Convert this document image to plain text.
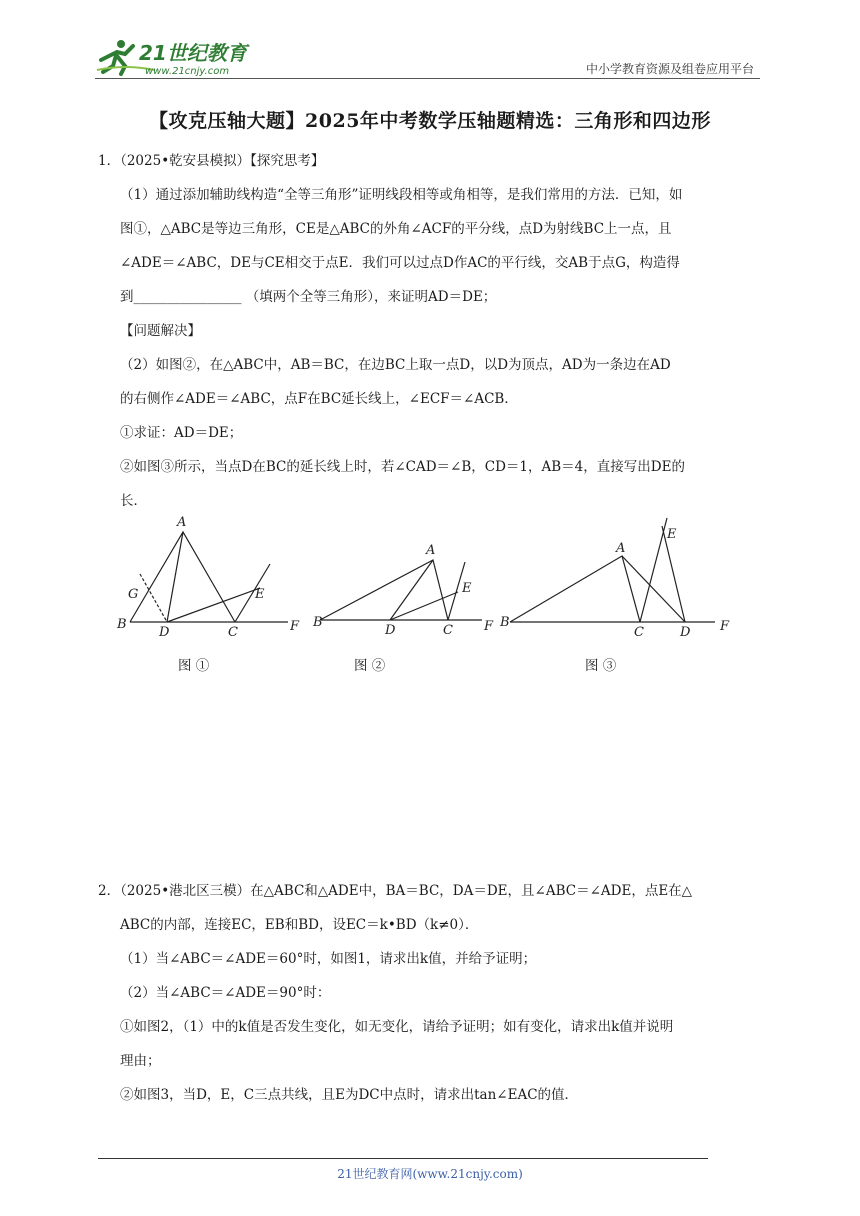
21世纪教育
www.21cnjy.com	中小学教育资源及组卷应用平台
【攻克压轴大题】2025年中考数学压轴题精选：三角形和四边形
1．（2025•乾安县模拟）【探究思考】
（1）通过添加辅助线构造“全等三角形”证明线段相等或角相等，是我们常用的方法．已知，如
图①，△ABC是等边三角形，CE是△ABC的外角∠ACF的平分线，点D为射线BC上一点，且
∠ADE＝∠ABC，DE与CE相交于点E．我们可以过点D作AC的平行线，交AB于点G，构造得
到________________ （填两个全等三角形），来证明AD＝DE；
【问题解决】
（2）如图②，在△ABC中，AB＝BC，在边BC上取一点D，以D为顶点，AD为一条边在AD
的右侧作∠ADE＝∠ABC，点F在BC延长线上，∠ECF＝∠ACB．
①求证：AD＝DE；
②如图③所示，当点D在BC的延长线上时，若∠CAD＝∠B，CD＝1，AB＝4，直接写出DE的
长．
A
G
B
D	C
E
F
A
B
D	C
E
F
A
E
B
C	D F
图 ①	图 ②	图 ③
2．（2025•港北区三模）在△ABC和△ADE中，BA＝BC，DA＝DE，且∠ABC＝∠ADE，点E在△
ABC的内部，连接EC，EB和BD，设EC＝k•BD（k≠0）．
（1）当∠ABC＝∠ADE＝60°时，如图1，请求出k值，并给予证明；
（2）当∠ABC＝∠ADE＝90°时：
①如图2，（1）中的k值是否发生变化，如无变化，请给予证明；如有变化，请求出k值并说明
理由；
②如图3，当D，E，C三点共线，且E为DC中点时，请求出tan∠EAC的值．
21世纪教育网(www.21cnjy.com)
